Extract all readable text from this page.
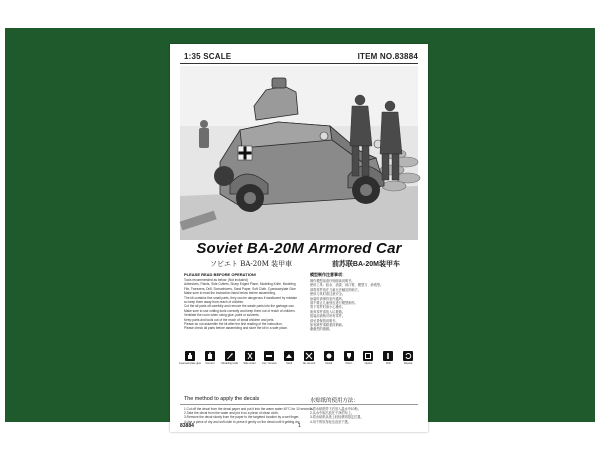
1:35 SCALE	ITEM NO.83884
Soviet BA-20M Armored Car
ソビエト BA-20M 装甲車	前苏联BA-20M装甲车
PLEASE READ BEFORE OPERATION!
Tools recommended as below: (Not included)
Adhesives, Paints, Side Cutters, Sharp Edged Plane, Modeling Knife, Modeling
File, Tweezers, Drill, Screwdrivers, Sand Paper, Soft Cloth, Cyanoacrylate Glue
Make sure to read the instruction listed below before assembling.
The kit contains fine small parts, they can be dangerous if swallowed by mistake
so keep them away from reach of children.
Cut the all parts off carefully and remove the waste parts into the garbage can.
Make sure to use cutting tools correctly and keep them out of reach of children.
Ventilate the room when using glue, paint or solvents.
Keep parts and tools out of the reach of small children and pets.
Please do not assemble the kit after the first reading of the instruction.
Please check all parts before assembling and store the kit in a safe place.
模型制作注意事项：
制作模型前请仔细阅读说明书。
使用工具：胶水、油漆、斜口钳、模型刀、砂纸等。
请将零件放在儿童无法触及的地方。
使用刀具时请注意安全。
涂装时请保持室内通风。
请不要让儿童独自进行模型制作。
剪下零件时请小心操作。
废弃零件请放入垃圾箱。
组装前请核对所有零件。
请妥善保管说明书。
如有缺件请联系经销商。
谢谢您的惠顾。
Cyanoacrylate glue Cement	Modeling knife Side cutter Cut / remove	Sand	No cement	Decal	Paint	Option	Drill	Repeat
The method to apply the decals	水贴纸的使用方法：
1.Cut off the decal from the decal paper and put it into the warm water 40°C for 10 seconds.
2.Take the decal from the water and put it on a piece of clean cloth.
3.Remove the decal slowly from the paper to the targeted location by a wet finger.
4.Use a piece of dry and soft cloth to press it gently on the decal until it getting dry.
1.将水贴纸剪下后放入温水中10秒。
2.从水中取出放在干净的布上。
3.将水贴纸从纸上轻轻移到指定位置。
4.用干的软布轻压直至干透。
83884	1
